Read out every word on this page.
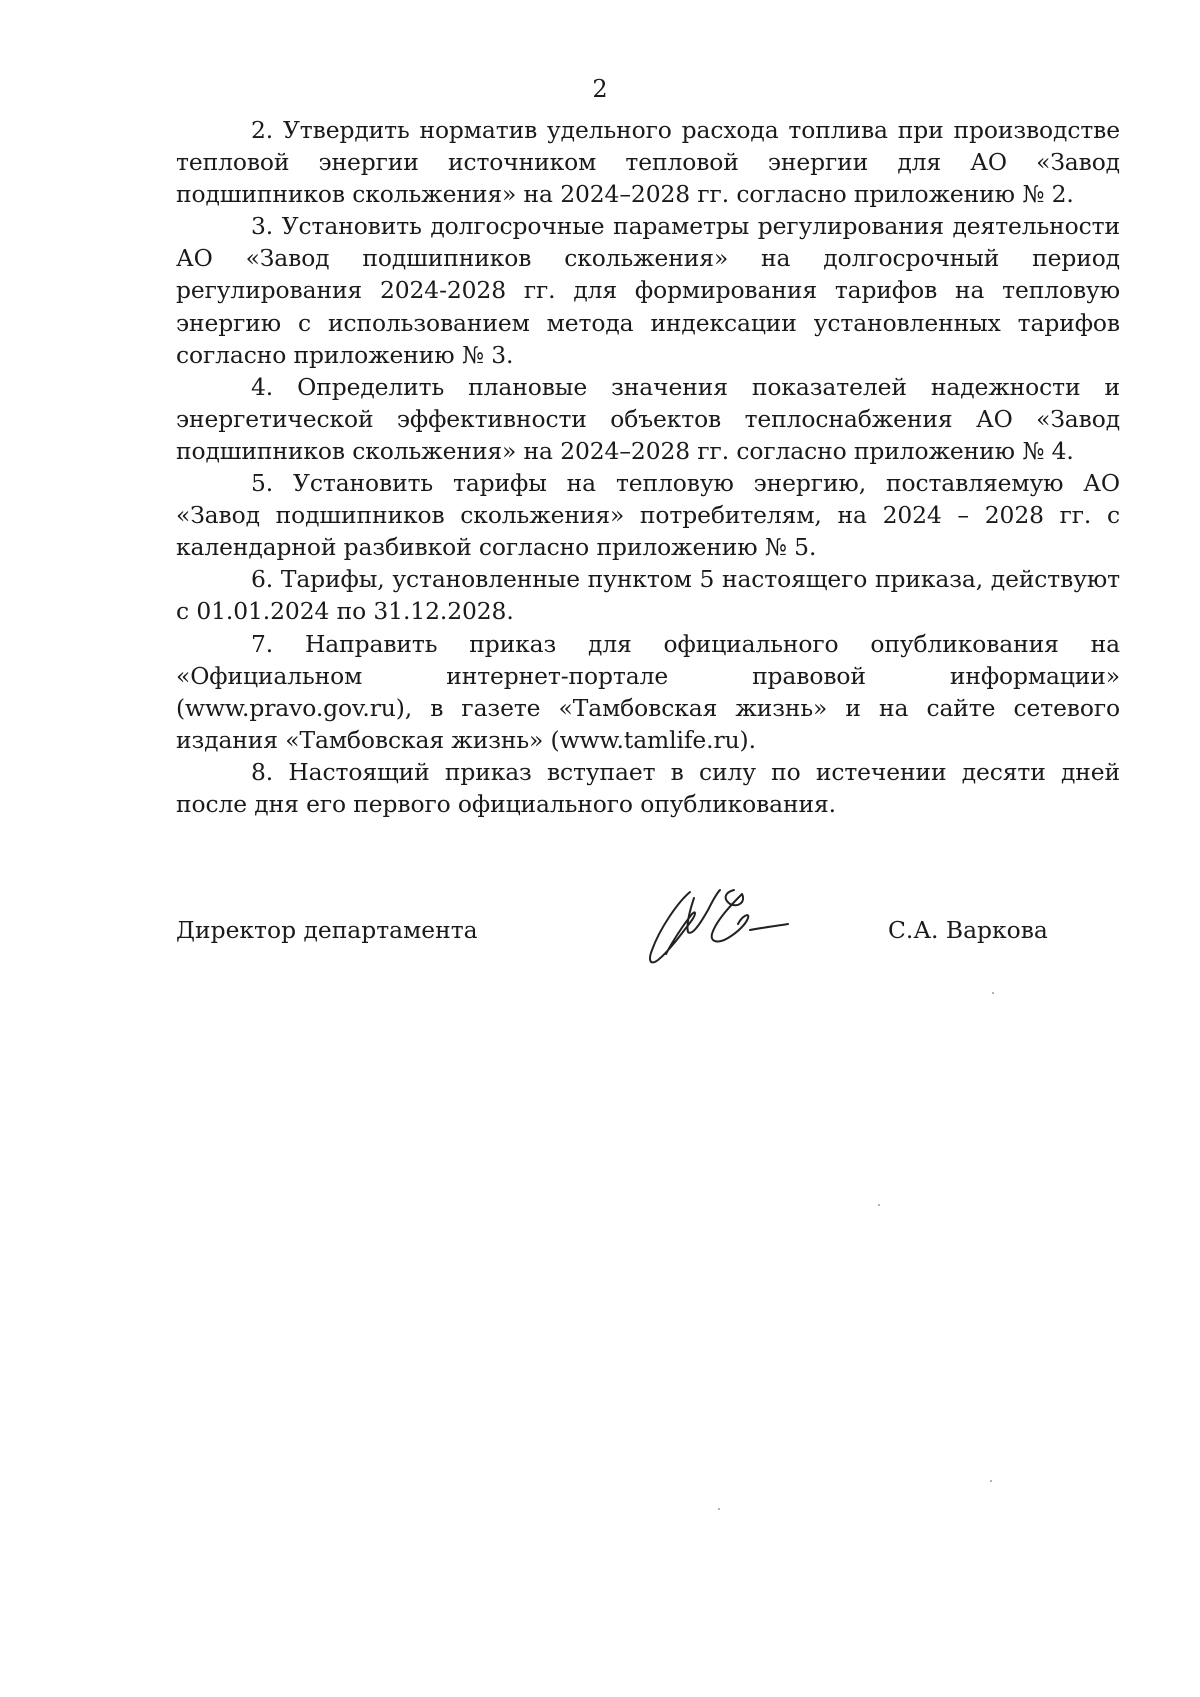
2

2. Утвердить норматив удельного расхода топлива при производстве тепловой энергии источником тепловой энергии для АО «Завод подшипников скольжения» на 2024–2028 гг. согласно приложению № 2.

3. Установить долгосрочные параметры регулирования деятельности АО «Завод подшипников скольжения» на долгосрочный период регулирования 2024-2028 гг. для формирования тарифов на тепловую энергию с использованием метода индексации установленных тарифов согласно приложению № 3.

4. Определить плановые значения показателей надежности и энергетической эффективности объектов теплоснабжения АО «Завод подшипников скольжения» на 2024–2028 гг. согласно приложению № 4.

5. Установить тарифы на тепловую энергию, поставляемую АО «Завод подшипников скольжения» потребителям, на 2024 – 2028 гг. с календарной разбивкой согласно приложению № 5.

6. Тарифы, установленные пунктом 5 настоящего приказа, действуют с 01.01.2024 по 31.12.2028.

7. Направить приказ для официального опубликования на «Официальном интернет-портале правовой информации» (www.pravo.gov.ru), в газете «Тамбовская жизнь» и на сайте сетевого издания «Тамбовская жизнь» (www.tamlife.ru).

8. Настоящий приказ вступает в силу по истечении десяти дней после дня его первого официального опубликования.

Директор департамента	С.А. Варкова
